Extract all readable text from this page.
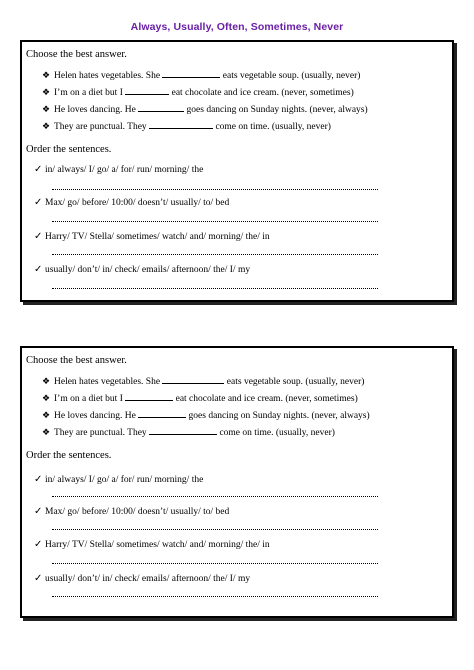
Always, Usually, Often, Sometimes, Never
Choose the best answer.
❖ Helen hates vegetables. She	eats vegetable soup. (usually, never)
❖ I’m on a diet but I	eat chocolate and ice cream. (never, sometimes)
❖ He loves dancing. He	goes dancing on Sunday nights. (never, always)
❖ They are punctual. They	come on time. (usually, never)
Order the sentences.
✓ in/ always/ I/ go/ a/ for/ run/ morning/ the
✓ Max/ go/ before/ 10:00/ doesn’t/ usually/ to/ bed
✓ Harry/ TV/ Stella/ sometimes/ watch/ and/ morning/ the/ in
✓ usually/ don’t/ in/ check/ emails/ afternoon/ the/ I/ my
Choose the best answer.
❖ Helen hates vegetables. She	eats vegetable soup. (usually, never)
❖ I’m on a diet but I	eat chocolate and ice cream. (never, sometimes)
❖ He loves dancing. He	goes dancing on Sunday nights. (never, always)
❖ They are punctual. They	come on time. (usually, never)
Order the sentences.
✓ in/ always/ I/ go/ a/ for/ run/ morning/ the
✓ Max/ go/ before/ 10:00/ doesn’t/ usually/ to/ bed
✓ Harry/ TV/ Stella/ sometimes/ watch/ and/ morning/ the/ in
✓ usually/ don’t/ in/ check/ emails/ afternoon/ the/ I/ my
